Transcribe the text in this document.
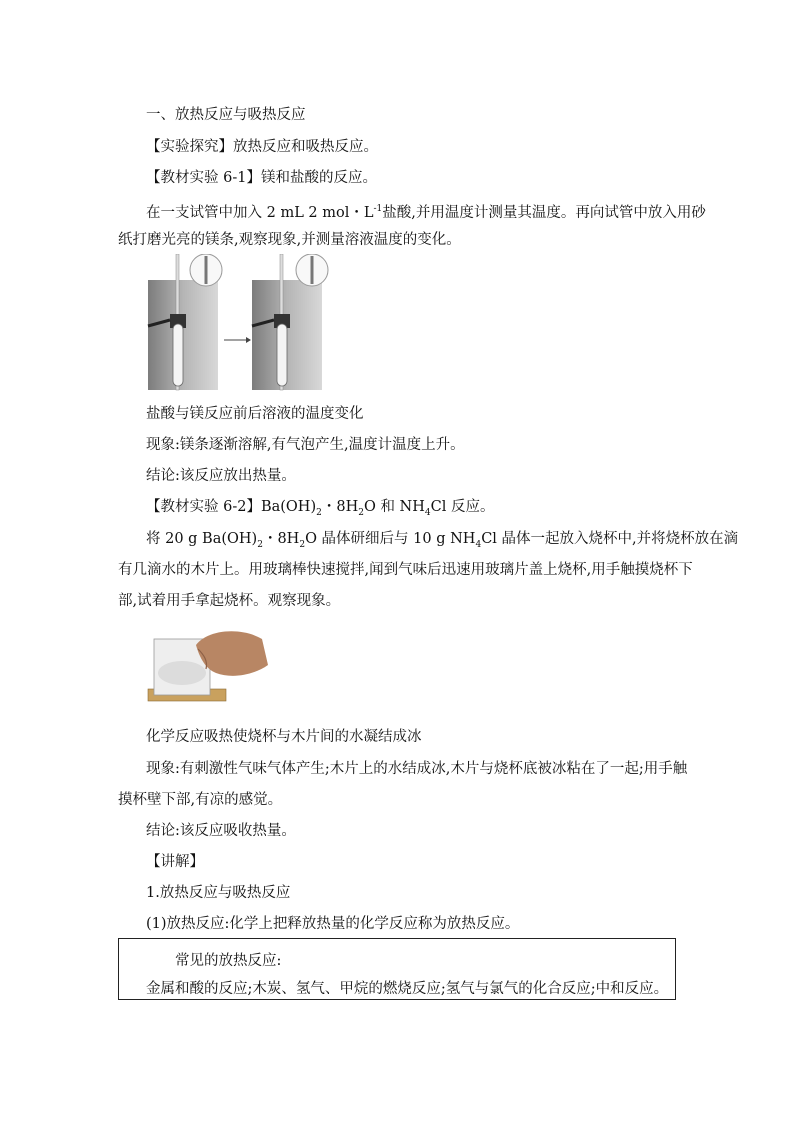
一、放热反应与吸热反应
【实验探究】放热反应和吸热反应。
【教材实验 6-1】镁和盐酸的反应。
在一支试管中加入 2 mL 2 mol・$L^{-1}$盐酸,并用温度计测量其温度。再向试管中放入用砂
纸打磨光亮的镁条,观察现象,并测量溶液温度的变化。
盐酸与镁反应前后溶液的温度变化
现象:镁条逐渐溶解,有气泡产生,温度计温度上升。
结论:该反应放出热量。
【教材实验 6-2】$Ba(OH)_2$・$8H_2O$ 和 $NH_4Cl$ 反应。
将 20 g $Ba(OH)_2$・$8H_2O$ 晶体研细后与 10 g $NH_4Cl$ 晶体一起放入烧杯中,并将烧杯放在滴
有几滴水的木片上。用玻璃棒快速搅拌,闻到气味后迅速用玻璃片盖上烧杯,用手触摸烧杯下
部,试着用手拿起烧杯。观察现象。
化学反应吸热使烧杯与木片间的水凝结成冰
现象:有刺激性气味气体产生;木片上的水结成冰,木片与烧杯底被冰粘在了一起;用手触
摸杯壁下部,有凉的感觉。
结论:该反应吸收热量。
【讲解】
1.放热反应与吸热反应
(1)放热反应:化学上把释放热量的化学反应称为放热反应。
常见的放热反应:
金属和酸的反应;木炭、氢气、甲烷的燃烧反应;氢气与氯气的化合反应;中和反应。
